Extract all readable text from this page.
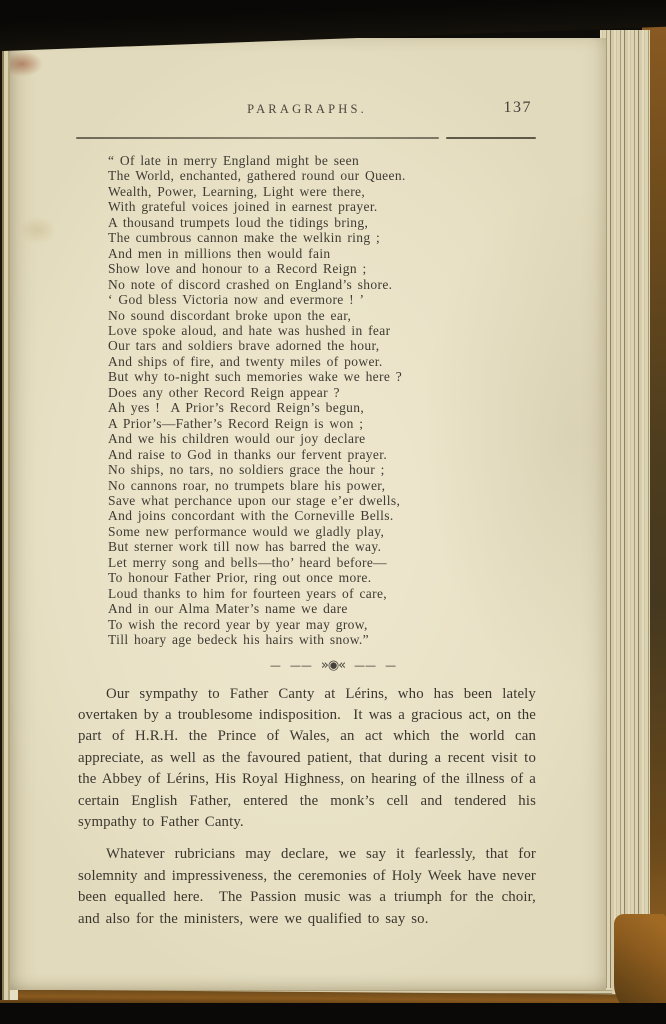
PARAGRAPHS.	137
“ Of late in merry England might be seen
The World, enchanted, gathered round our Queen.
Wealth, Power, Learning, Light were there,
With grateful voices joined in earnest prayer.
A thousand trumpets loud the tidings bring,
The cumbrous cannon make the welkin ring ;
And men in millions then would fain
Show love and honour to a Record Reign ;
No note of discord crashed on England’s shore.
‘ God bless Victoria now and evermore ! ’
No sound discordant broke upon the ear,
Love spoke aloud, and hate was hushed in fear
Our tars and soldiers brave adorned the hour,
And ships of fire, and twenty miles of power.
But why to-night such memories wake we here ?
Does any other Record Reign appear ?
Ah yes !  A Prior’s Record Reign’s begun,
A Prior’s—Father’s Record Reign is won ;
And we his children would our joy declare
And raise to God in thanks our fervent prayer.
No ships, no tars, no soldiers grace the hour ;
No cannons roar, no trumpets blare his power,
Save what perchance upon our stage e’er dwells,
And joins concordant with the Corneville Bells.
Some new performance would we gladly play,
But sterner work till now has barred the way.
Let merry song and bells—tho’ heard before—
To honour Father Prior, ring out once more.
Loud thanks to him for fourteen years of care,
And in our Alma Mater’s name we dare
To wish the record year by year may grow,
Till hoary age bedeck his hairs with snow.”
— —— »◉« —— —

Our sympathy to Father Canty at Lérins, who has been lately overtaken by a troublesome indisposition.  It was a gracious act, on the part of H.R.H. the Prince of Wales, an act which the world can appreciate, as well as the favoured patient, that during a recent visit to the Abbey of Lérins, His Royal Highness, on hearing of the illness of a certain English Father, entered the monk’s cell and tendered his sympathy to Father Canty.

Whatever rubricians may declare, we say it fearlessly, that for solemnity and impressiveness, the ceremonies of Holy Week have never been equalled here.  The Passion music was a triumph for the choir, and also for the ministers, were we qualified to say so.
